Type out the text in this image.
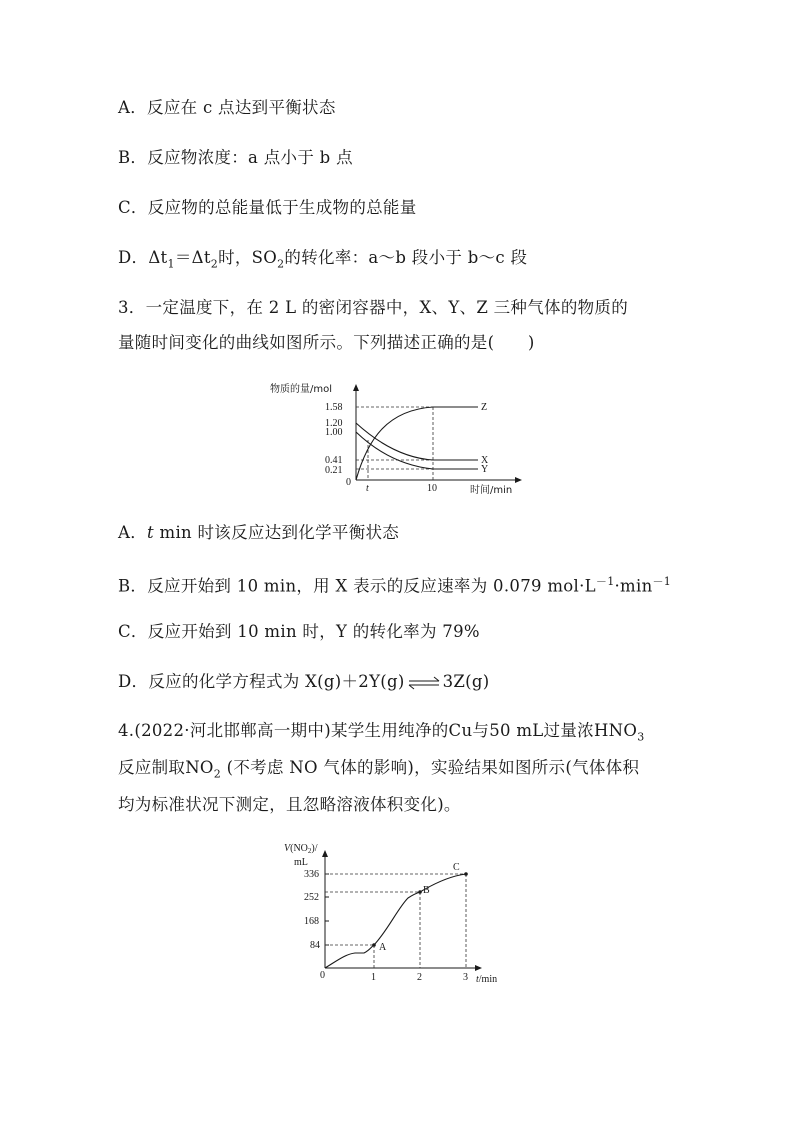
A．反应在 c 点达到平衡状态
B．反应物浓度：a 点小于 b 点
C．反应物的总能量低于生成物的总能量
D．$\Delta t_1=\Delta t_2$时，$SO_2$的转化率：a～b 段小于 b～c 段
3．一定温度下，在 2 L 的密闭容器中，X、Y、Z 三种气体的物质的
量随时间变化的曲线如图所示。下列描述正确的是(　　)
物质的量/mol
时间/min
0
1.58
1.20
1.00
0.41
0.21
t	10
Z
X
Y
A．t min 时该反应达到化学平衡状态
B．反应开始到 10 min，用 X 表示的反应速率为 0.079 $mol\cdot L^{-1}\cdot\min^{-1}$
C．反应开始到 10 min 时，Y 的转化率为 79%
D．反应的化学方程式为 X(g)＋2Y(g) ⇌ 3Z(g)
4.(2022·河北邯郸高一期中)某学生用纯净的Cu与50 mL过量浓$HNO_3$
反应制取$NO_2$ (不考虑 NO 气体的影响)，实验结果如图所示(气体体积
均为标准状况下测定，且忽略溶液体积变化)。
$V(NO_2)/$
mL
t/min
0
336
252
168
84
1	2	3
A
B
C
